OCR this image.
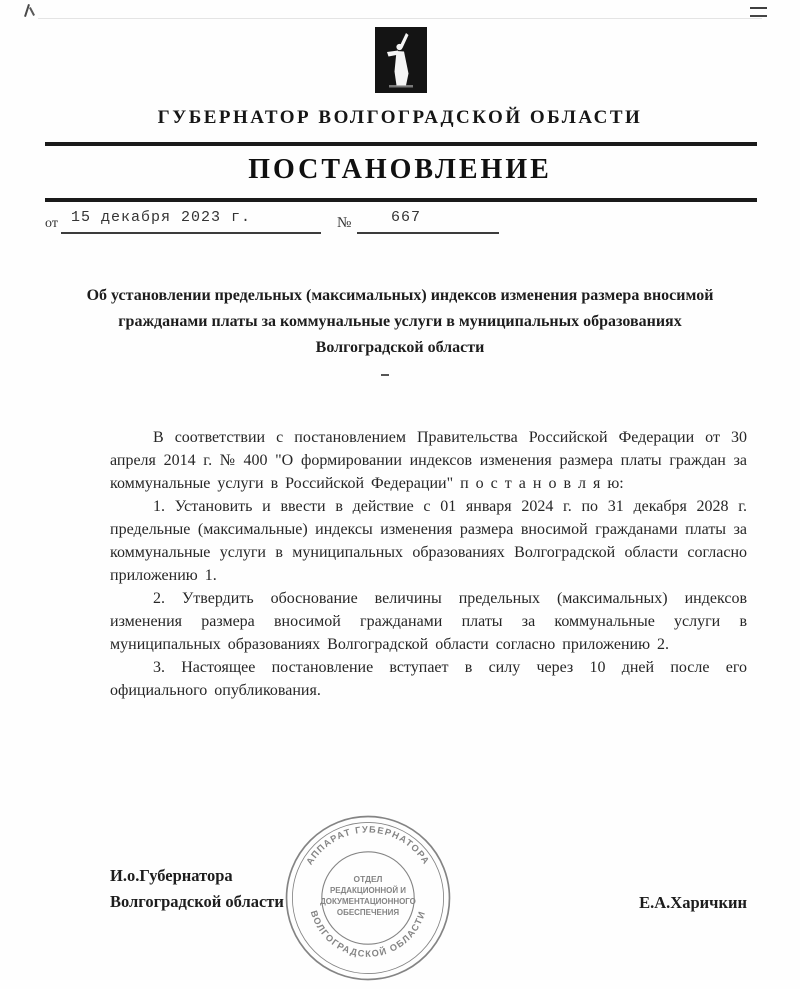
ГУБЕРНАТОР ВОЛГОГРАДСКОЙ ОБЛАСТИ
ПОСТАНОВЛЕНИЕ
от 15 декабря 2023 г.	№	667
Об установлении предельных (максимальных) индексов изменения размера вносимой гражданами платы за коммунальные услуги в муниципальных образованиях Волгоградской области

В соответствии с постановлением Правительства Российской Федерации от 30 апреля 2014 г. № 400 "О формировании индексов изменения размера платы граждан за коммунальные услуги в Российской Федерации" п о с т а н о в л я ю:

1. Установить и ввести в действие с 01 января 2024 г. по 31 декабря 2028 г. предельные (максимальные) индексы изменения размера вносимой гражданами платы за коммунальные услуги в муниципальных образованиях Волгоградской области согласно приложению 1.

2. Утвердить обосновaние величины предельных (максимальных) индексов изменения размера вносимой гражданами платы за коммунальные услуги в муниципальных образованиях Волгоградской области согласно приложению 2.

3. Настоящее постановление вступает в силу через 10 дней после его официального опубликования.

И.о.Губернатора
Волгоградской области	Е.А.Харичкин
АППАРАТ ГУБЕРНАТОРА
ВОЛГОГРАДСКОЙ ОБЛАСТИ
ОТДЕЛ
РЕДАКЦИОННОЙ И
ДОКУМЕНТАЦИОННОГО
ОБЕСПЕЧЕНИЯ
